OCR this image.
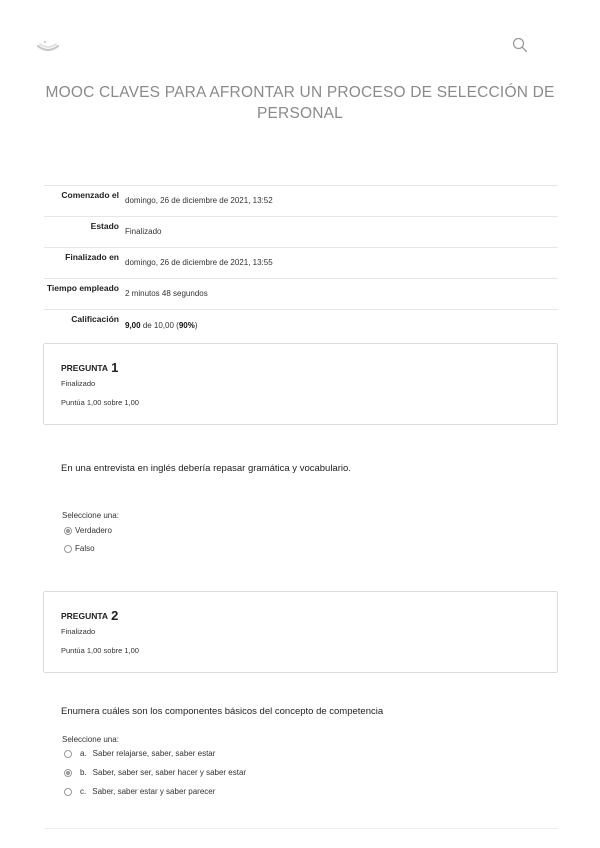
MOOC CLAVES PARA AFRONTAR UN PROCESO DE SELECCIÓN DE PERSONAL
Comenzado el
domingo, 26 de diciembre de 2021, 13:52
Estado
Finalizado
Finalizado en
domingo, 26 de diciembre de 2021, 13:55
Tiempo empleado
2 minutos 48 segundos
Calificación
9,00 de 10,00 (90%)
PREGUNTA 1
Finalizado
Puntúa 1,00 sobre 1,00
En una entrevista en inglés debería repasar gramática y vocabulario.
Seleccione una:
Verdadero
Falso
PREGUNTA 2
Finalizado
Puntúa 1,00 sobre 1,00
Enumera cuáles son los componentes básicos del concepto de competencia
Seleccione una:
a. Saber relajarse, saber, saber estar
b. Saber, saber ser, saber hacer y saber estar
c. Saber, saber estar y saber parecer
